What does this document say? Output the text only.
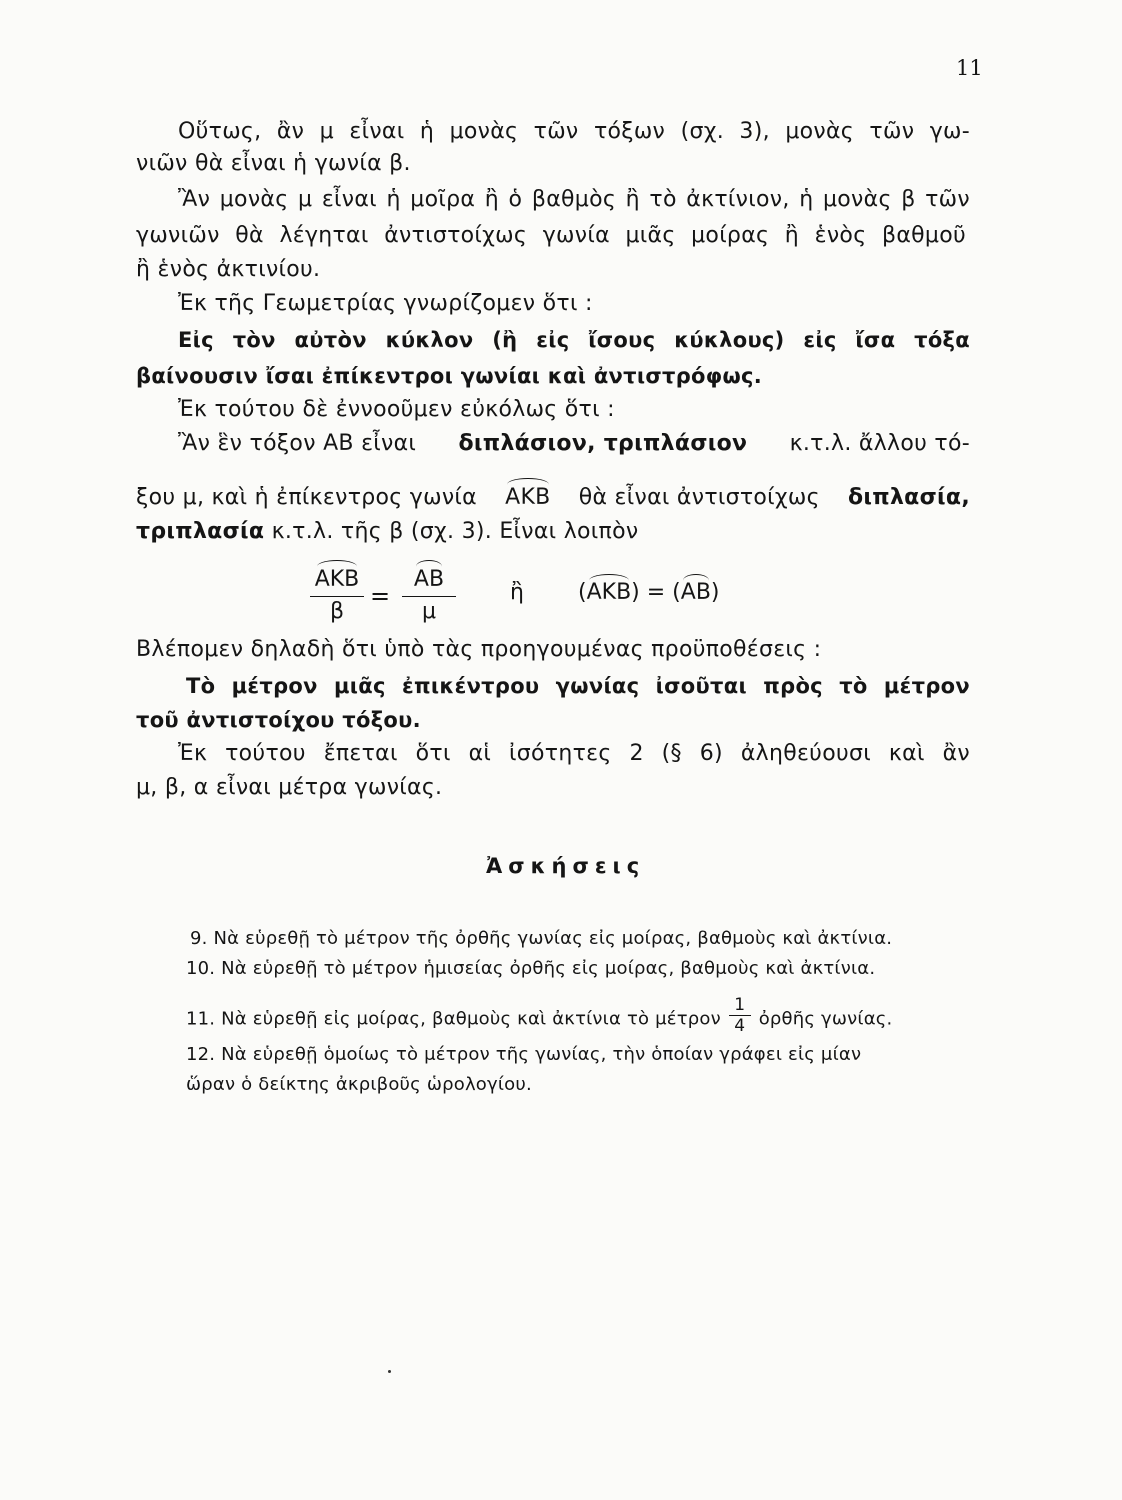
11
Οὕτως, ἂν μ εἶναι ἡ μονὰς τῶν τόξων (σχ. 3), μονὰς τῶν γω-
νιῶν θὰ εἶναι ἡ γωνία β.
Ἂν μονὰς μ εἶναι ἡ μοῖρα ἢ ὁ βαθμὸς ἢ τὸ ἀκτίνιον, ἡ μονὰς β τῶν
γωνιῶν θὰ λέγηται ἀντιστοίχως γωνία μιᾶς μοίρας ἢ ἑνὸς βαθμοῦ
ἢ ἑνὸς ἀκτινίου.
Ἐκ τῆς Γεωμετρίας γνωρίζομεν ὅτι :
Εἰς τὸν αὐτὸν κύκλον (ἢ εἰς ἴσους κύκλους) εἰς ἴσα τόξα
βαίνουσιν ἴσαι ἐπίκεντροι γωνίαι καὶ ἀντιστρόφως.
Ἐκ τούτου δὲ ἐννοοῦμεν εὐκόλως ὅτι :
Ἂν ἓν τόξον ΑΒ εἶναι διπλάσιον, τριπλάσιον κ.τ.λ. ἄλλου τό-
ξου μ, καὶ ἡ ἐπίκεντρος γωνία ΑΚΒ θὰ εἶναι ἀντιστοίχως διπλασία,
τριπλασία κ.τ.λ. τῆς β (σχ. 3). Εἶναι λοιπὸν
ΑΚΒ
β
=
ΑΒ
μ
ἢ (ΑΚΒ) = (ΑΒ)
Βλέπομεν δηλαδὴ ὅτι ὑπὸ τὰς προηγουμένας προϋποθέσεις :
Τὸ μέτρον μιᾶς ἐπικέντρου γωνίας ἰσοῦται πρὸς τὸ μέτρον
τοῦ ἀντιστοίχου τόξου.
Ἐκ τούτου ἔπεται ὅτι αἱ ἰσότητες 2 (§ 6) ἀληθεύουσι καὶ ἂν
μ, β, α εἶναι μέτρα γωνίας.
Ἀσκήσεις
9. Νὰ εὑρεθῇ τὸ μέτρον τῆς ὀρθῆς γωνίας εἰς μοίρας, βαθμοὺς καὶ ἀκτίνια.
10. Νὰ εὑρεθῇ τὸ μέτρον ἡμισείας ὀρθῆς εἰς μοίρας, βαθμοὺς καὶ ἀκτίνια.
11. Νὰ εὑρεθῇ εἰς μοίρας, βαθμοὺς καὶ ἀκτίνια τὸ μέτρον $\frac{1}{4}$ ὀρθῆς γωνίας.
12. Νὰ εὑρεθῇ ὁμοίως τὸ μέτρον τῆς γωνίας, τὴν ὁποίαν γράφει εἰς μίαν
ὥραν ὁ δείκτης ἀκριβοῦς ὡρολογίου.
